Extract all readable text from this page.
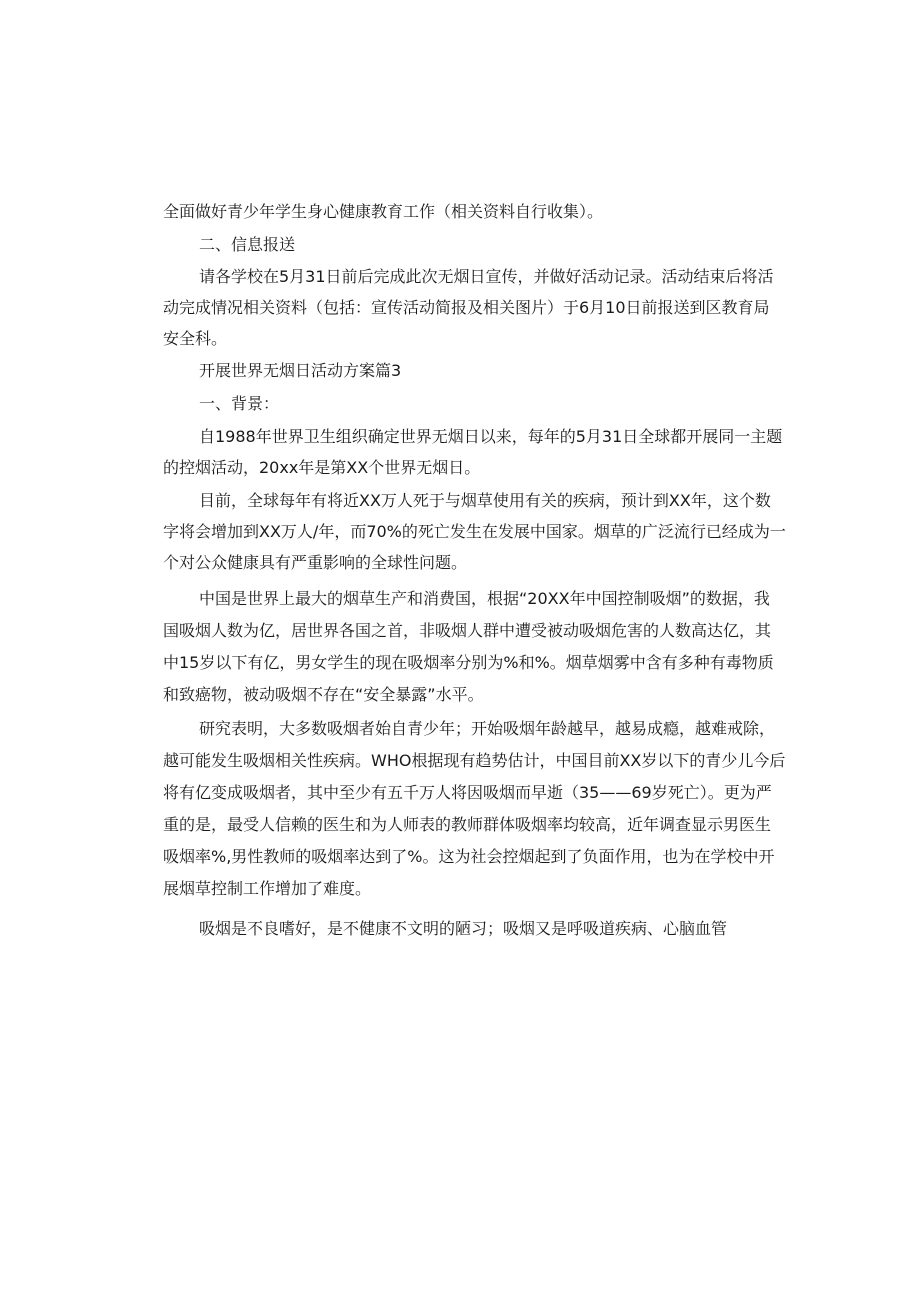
全面做好青少年学生身心健康教育工作（相关资料自行收集）。
二、信息报送
请各学校在5月31日前后完成此次无烟日宣传，并做好活动记录。活动结束后将活
动完成情况相关资料（包括：宣传活动简报及相关图片）于6月10日前报送到区教育局
安全科。
开展世界无烟日活动方案篇3
一、背景：
自1988年世界卫生组织确定世界无烟日以来，每年的5月31日全球都开展同一主题
的控烟活动，20xx年是第XX个世界无烟日。
目前，全球每年有将近XX万人死于与烟草使用有关的疾病，预计到XX年，这个数
字将会增加到XX万人/年，而70%的死亡发生在发展中国家。烟草的广泛流行已经成为一
个对公众健康具有严重影响的全球性问题。
中国是世界上最大的烟草生产和消费国，根据“20XX年中国控制吸烟”的数据，我
国吸烟人数为亿，居世界各国之首，非吸烟人群中遭受被动吸烟危害的人数高达亿，其
中15岁以下有亿，男女学生的现在吸烟率分别为%和%。烟草烟雾中含有多种有毒物质
和致癌物，被动吸烟不存在“安全暴露”水平。
研究表明，大多数吸烟者始自青少年；开始吸烟年龄越早，越易成瘾，越难戒除，
越可能发生吸烟相关性疾病。WHO根据现有趋势估计，中国目前XX岁以下的青少儿今后
将有亿变成吸烟者，其中至少有五千万人将因吸烟而早逝（35——69岁死亡）。更为严
重的是，最受人信赖的医生和为人师表的教师群体吸烟率均较高，近年调查显示男医生
吸烟率%,男性教师的吸烟率达到了%。这为社会控烟起到了负面作用，也为在学校中开
展烟草控制工作增加了难度。
吸烟是不良嗜好，是不健康不文明的陋习；吸烟又是呼吸道疾病、心脑血管
